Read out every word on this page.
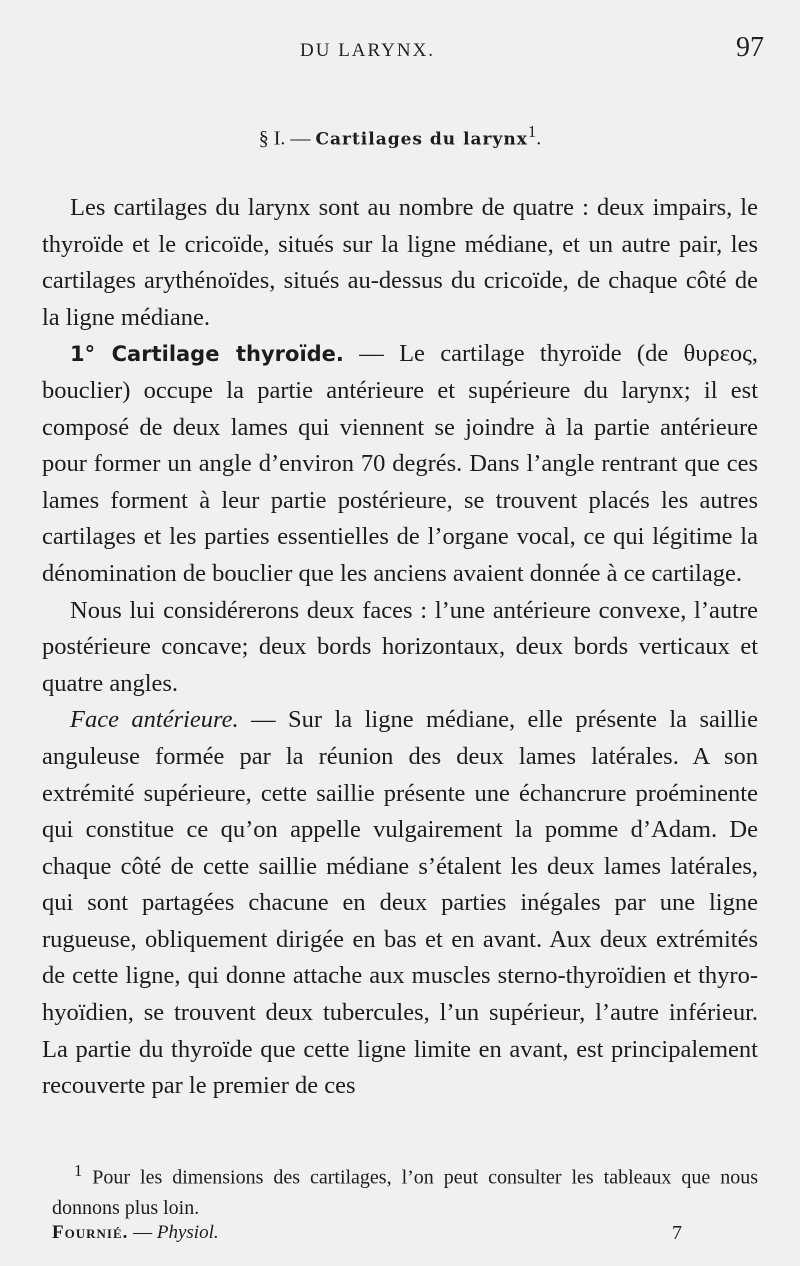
DU LARYNX.	97
§ I. — Cartilages du larynx$^1$.

Les cartilages du larynx sont au nombre de quatre : deux impairs, le thyroïde et le cricoïde, situés sur la ligne médiane, et un autre pair, les cartilages arythénoïdes, situés au-dessus du cricoïde, de chaque côté de la ligne médiane.

1° Cartilage thyroïde. — Le cartilage thyroïde (de θυρεος, bouclier) occupe la partie antérieure et supérieure du larynx; il est composé de deux lames qui viennent se joindre à la partie antérieure pour former un angle d’environ 70 degrés. Dans l’angle rentrant que ces lames forment à leur partie postérieure, se trouvent placés les autres cartilages et les parties essentielles de l’organe vocal, ce qui légitime la dénomination de bouclier que les anciens avaient donnée à ce cartilage.

Nous lui considérerons deux faces : l’une antérieure convexe, l’autre postérieure concave; deux bords horizontaux, deux bords verticaux et quatre angles.

Face antérieure. — Sur la ligne médiane, elle présente la saillie anguleuse formée par la réunion des deux lames latérales. A son extrémité supérieure, cette saillie présente une échancrure proéminente qui constitue ce qu’on appelle vulgairement la pomme d’Adam. De chaque côté de cette saillie médiane s’étalent les deux lames latérales, qui sont partagées chacune en deux parties inégales par une ligne rugueuse, obliquement dirigée en bas et en avant. Aux deux extrémités de cette ligne, qui donne attache aux muscles sterno-thyroïdien et thyro-hyoïdien, se trouvent deux tubercules, l’un supérieur, l’autre inférieur. La partie du thyroïde que cette ligne limite en avant, est principalement recouverte par le premier de ces

$^1$ Pour les dimensions des cartilages, l’on peut consulter les tableaux que nous donnons plus loin.

Fournié. — Physiol.	7
